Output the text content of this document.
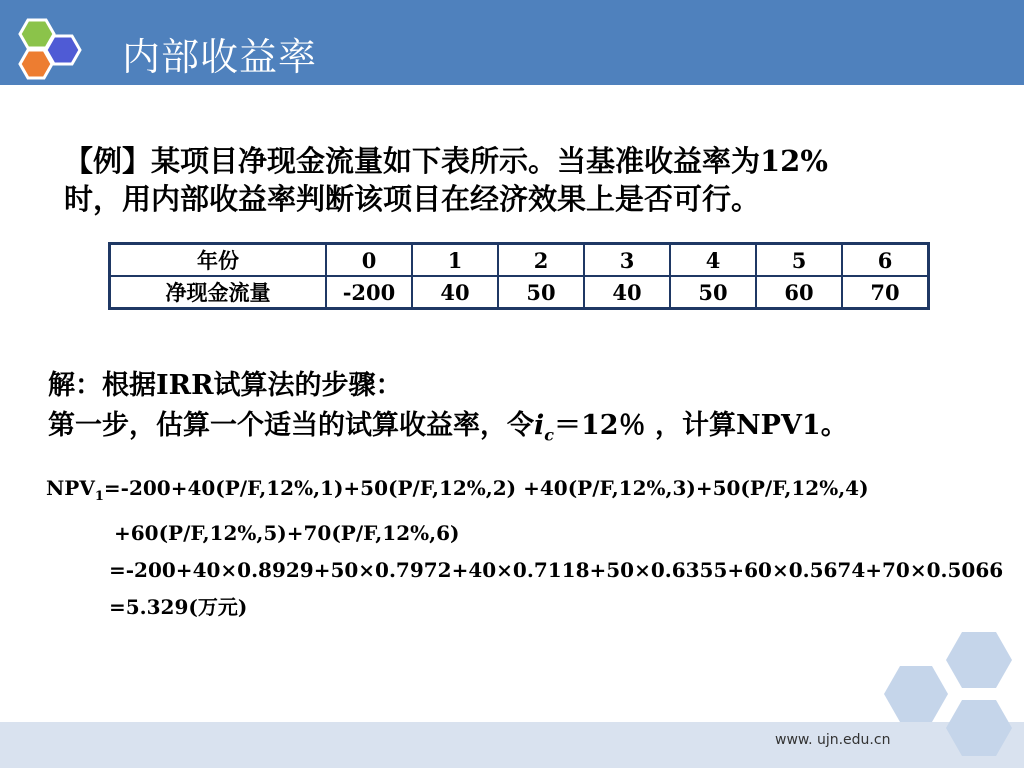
内部收益率
【例】某项目净现金流量如下表所示。当基准收益率为12%
时，用内部收益率判断该项目在经济效果上是否可行。
年份	0	1	2	3	4	5	6
净现金流量	-200	40	50	40	50	60	70
解：根据IRR试算法的步骤：
第一步，估算一个适当的试算收益率，令$i_c=12$％ ，计算NPV1。
$NPV_1=-200+40(P/F,12\%,1)+50(P/F,12\%,2) +40(P/F,12\%,3)+50(P/F,12\%,4)$
+60(P/F,12%,5)+70(P/F,12%,6)
=-200+40×0.8929+50×0.7972+40×0.7118+50×0.6355+60×0.5674+70×0.5066
=5.329(万元)
www. ujn.edu.cn
